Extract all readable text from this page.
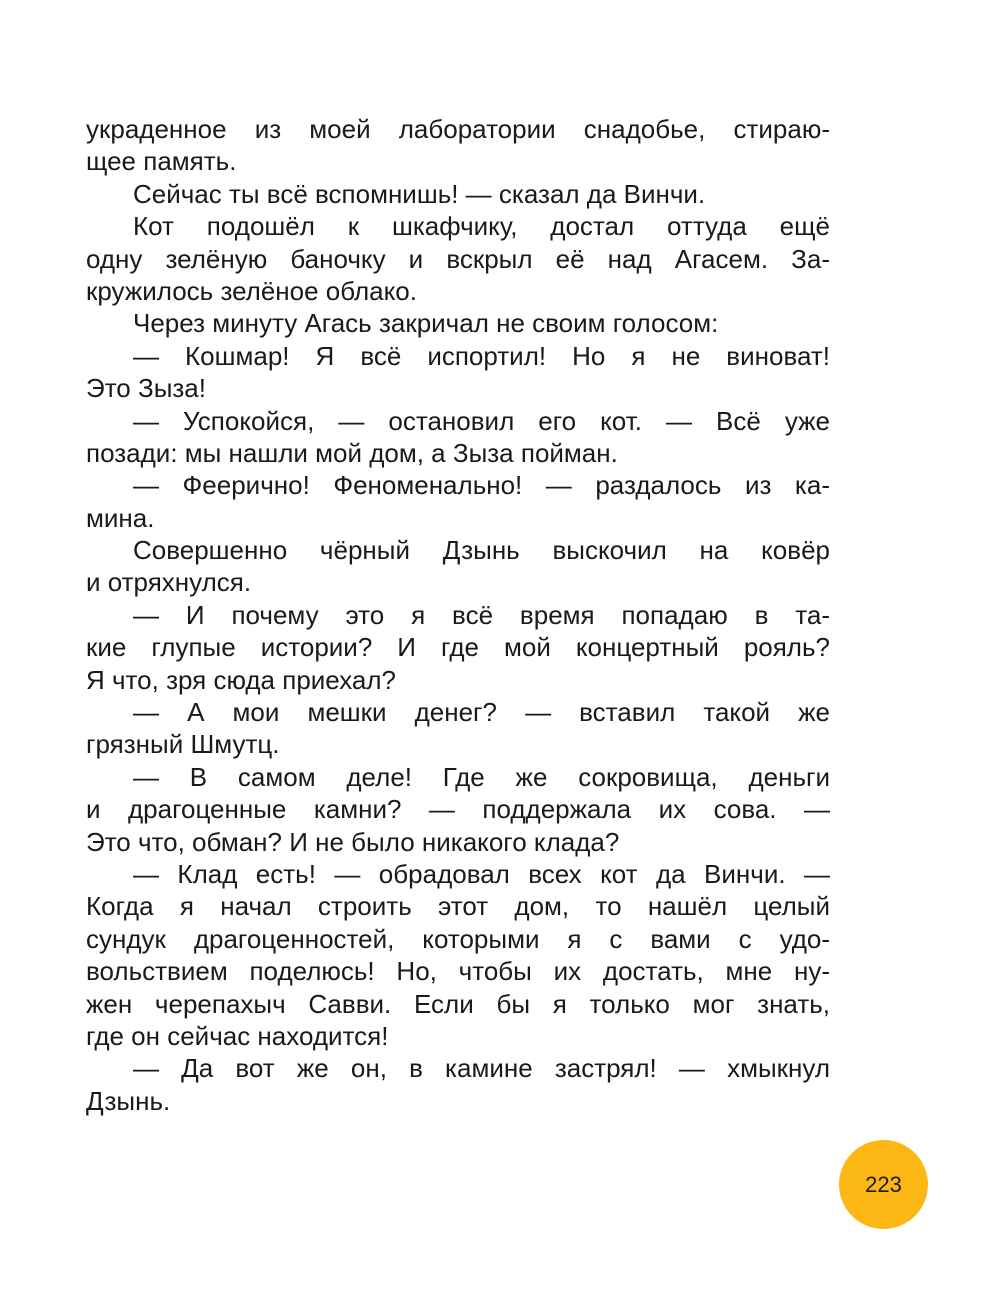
украденное из моей лаборатории снадобье, стираю-
щее память.
Сейчас ты всё вспомнишь! — сказал да Винчи.
Кот подошёл к шкафчику, достал оттуда ещё
одну зелёную баночку и вскрыл её над Агасем. За-
кружилось зелёное облако.
Через минуту Агась закричал не своим голосом:
— Кошмар! Я всё испортил! Но я не виноват!
Это Зыза!
— Успокойся, — остановил его кот. — Всё уже
позади: мы нашли мой дом, а Зыза пойман.
— Феерично! Феноменально! — раздалось из ка-
мина.
Совершенно чёрный Дзынь выскочил на ковёр
и отряхнулся.
— И почему это я всё время попадаю в та-
кие глупые истории? И где мой концертный рояль?
Я что, зря сюда приехал?
— А мои мешки денег? — вставил такой же
грязный Шмутц.
— В самом деле! Где же сокровища, деньги
и драгоценные камни? — поддержала их сова. —
Это что, обман? И не было никакого клада?
— Клад есть! — обрадовал всех кот да Винчи. —
Когда я начал строить этот дом, то нашёл целый
сундук драгоценностей, которыми я с вами с удо-
вольствием поделюсь! Но, чтобы их достать, мне ну-
жен черепахыч Савви. Если бы я только мог знать,
где он сейчас находится!
— Да вот же он, в камине застрял! — хмыкнул
Дзынь.
223
